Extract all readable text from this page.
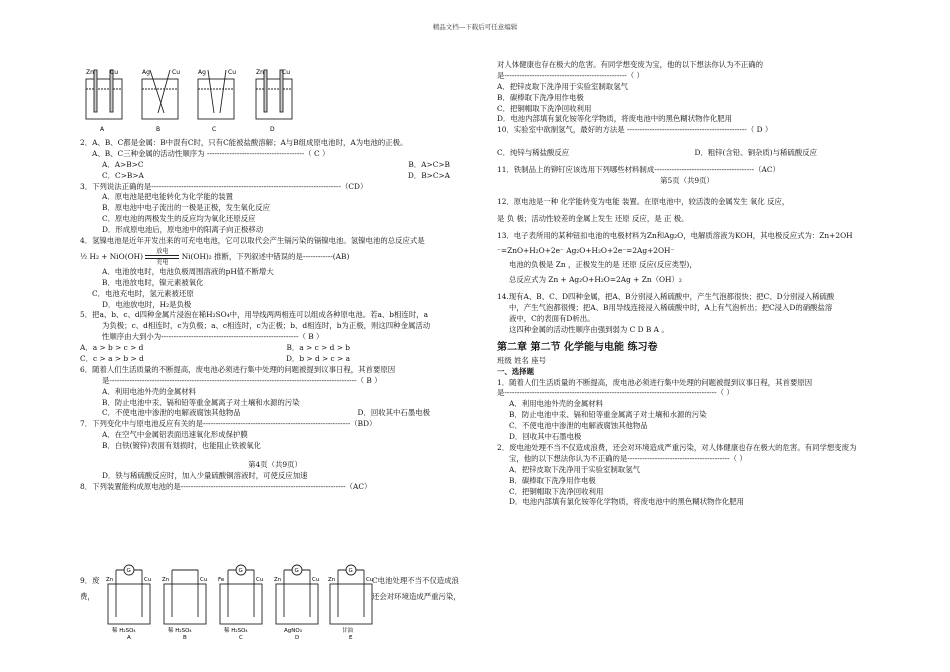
精品文档---下载后可任意编辑
Zn	Cu	Ag	Cu	Ag	Cu	Zn	Cu
A	B	C	D
2．A、B、C都是金属：B中混有C时，只有C能被盐酸溶解；A与B组成原电池时，A为电池的正极。
A、B、C三种金属的活动性顺序为 ---------------------------------------（ C ）
A．A>B>C	B．A>C>B
C．C>B>A	D．B>C>A
3．下列说法正确的是----------------------------------------------------------------------------（CD）
A．原电池是把电能转化为化学能的装置
B．原电池中电子流出的一极是正极，发生氧化反应
C．原电池的两极发生的反应均为氧化还原反应
D．形成原电池后，原电池中的阳离子向正极移动
4．氢镍电池是近年开发出来的可充电电池，它可以取代会产生镉污染的镉镍电池。氢镍电池的总反应式是
½ H₂ + NiO(OH)
放电
充电
Ni(OH)₂ 推断，下列叙述中错误的是------------(AB)
A．电池放电时，电池负极周围溶液的pH值不断增大
B．电池放电时，镍元素被氧化
C．电池充电时，氢元素被还原
D．电池放电时，H₂是负极
5．把a、b、c、d四种金属片浸泡在稀H₂SO₄中，用导线两两相连可以组成各种原电池。若a、b相连时，a
为负极；c、d相连时，c为负极；a、c相连时，c为正极；b、d相连时，b为正极，则这四种金属活动
性顺序由大到小为-------------------------------------------------------（ B ）
A．a > b > c > d	B．a > c > d > b
C．c > a > b > d	D．b > d > c > a
6．随着人们生活质量的不断提高，废电池必须进行集中处理的问题被提到议事日程，其首要原因
是---------------------------------------------------------------------------------------------------（ B ）
A．利用电池外壳的金属材料
B．防止电池中汞、镉和铅等重金属离子对土壤和水源的污染
C．不使电池中渗泄的电解液腐蚀其他物品	D．回收其中石墨电极
7．下列变化中与原电池反应有关的是-----------------------------------------------------------（BD）
A．在空气中金属铝表面迅速氧化形成保护膜
B．白铁(镀锌)表面有划损时，也能阻止铁被氧化
第4页（共9页）
D．铁与稀硫酸反应时，加入少量硫酸铜溶液时，可使反应加速
8．下列装置能构成原电池的是------------------------------------------------------------------（AC）
9．废
费，
C电池处理不当不仅造成浪
还会对环境造成严重污染，
G	G	G	G
Zn	Cu Zn	Cu Fe	Cu Zn	Cu Zn	Cu
稀 H₂SO₄	稀 H₂SO₄	稀 H₂SO₄	AgNO₃	甘油
A	B	C	D	E
对人体健康也存在极大的危害。有同学想变废为宝，他的以下想法你认为不正确的
是-------------------------------------------------（ ）
A．把锌皮取下洗净用于实验室制取氢气
B．碳棒取下洗净用作电极
C．把铜帽取下洗净回收利用
D．电池内部填有氯化铵等化学物质，将废电池中的黑色糊状物作化肥用
10．实验室中欲制氢气，最好的方法是 ------------------------------------------------（ D ）
C．纯锌与稀盐酸反应	D．粗锌(含铅、铜杂质)与稀硫酸反应
11．铁制品上的铆钉应该选用下列哪些材料制成----------------------------------------（AC）
第5页（共9页）
12．原电池是一种 化学能转变为电能 装置。在原电池中，较活泼的金属发生 氧化 反应，
是 负 极；活动性较差的金属上发生 还原 反应，是 正 极。
13．电子表所用的某种钮扣电池的电极材料为Zn和Ag₂O，电解质溶液为KOH，其电极反应式为：Zn+2OH
⁻=ZnO+H₂O+2e⁻ Ag₂O+H₂O+2e⁻=2Ag+2OH⁻
电池的负极是 Zn ，正极发生的是 还原 反应(反应类型)，
总反应式为 Zn + Ag₂O+H₂O=2Ag + Zn（OH）₂
14.现有A、B、C、D四种金属，把A、B分别浸入稀硫酸中，产生气泡都很快；把C、D分别浸入稀硫酸
中，产生气泡都很慢；把A、B用导线连接浸入稀硫酸中时，A上有气泡析出；把C浸入D的硝酸盐溶
液中，C的表面有D析出。
这四种金属的活动性顺序由强到弱为 C D B A 。
第二章 第二节 化学能与电能 练习卷
班级 姓名 座号
一、选择题
1．随着人们生活质量的不断提高，废电池必须进行集中处理的问题被提到议事日程，其首要原因
是-------------------------------------------------------------------------------------（ ）
A．利用电池外壳的金属材料
B．防止电池中汞、镉和铅等重金属离子对土壤和水源的污染
C．不使电池中渗泄的电解液腐蚀其他物品
D．回收其中石墨电极
2．废电池处理不当不仅造成浪费，还会对环境造成严重污染，对人体健康也存在极大的危害。有同学想变废为
宝，他的以下想法你认为不正确的是-----------------------------------------（ ）
A．把锌皮取下洗净用于实验室制取氢气
B．碳棒取下洗净用作电极
C．把铜帽取下洗净回收利用
D．电池内部填有氯化铵等化学物质，将废电池中的黑色糊状物作化肥用
